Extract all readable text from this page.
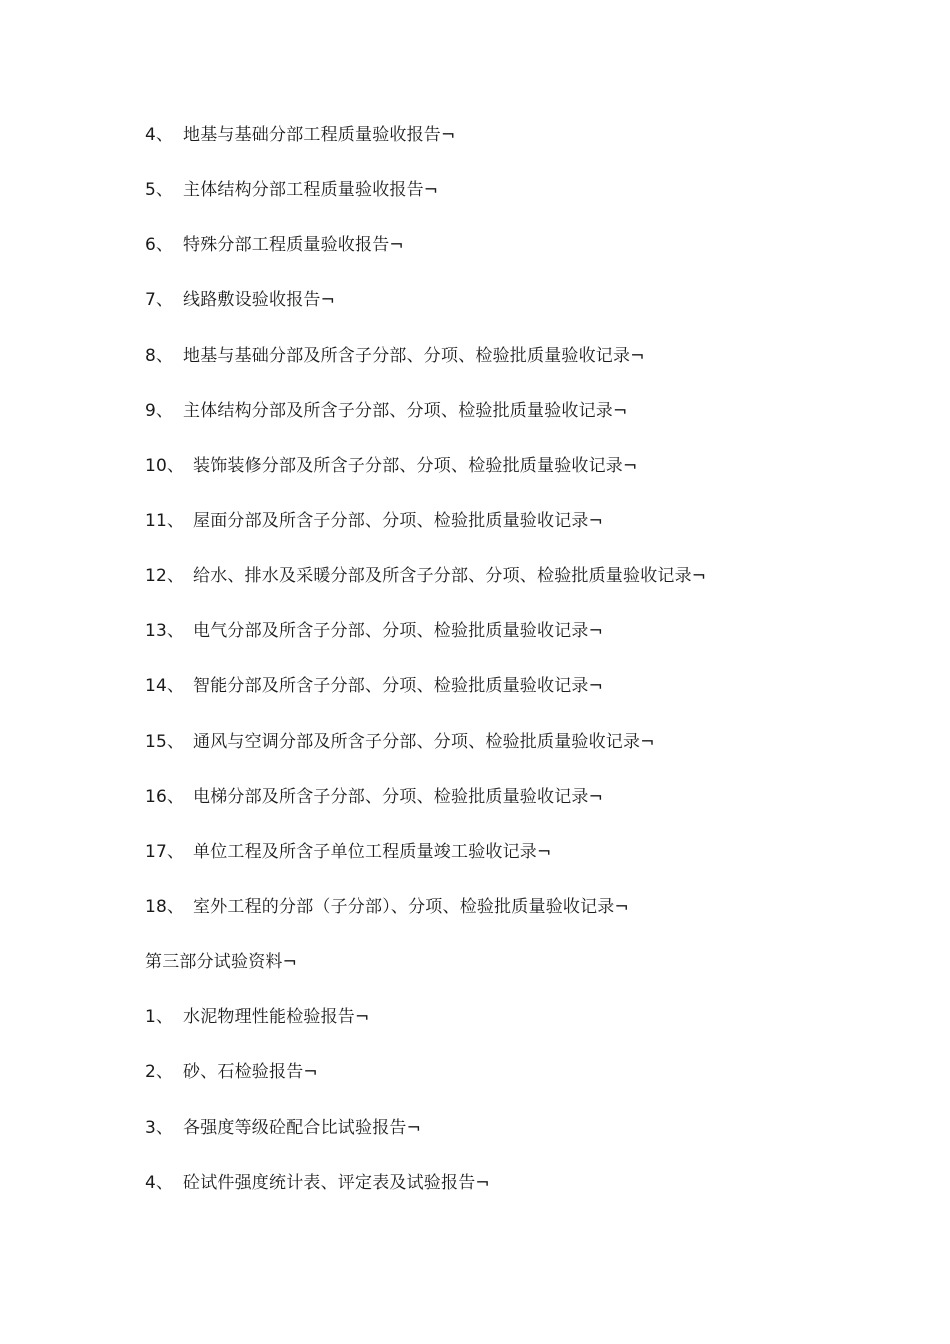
4、 地基与基础分部工程质量验收报告¬
5、 主体结构分部工程质量验收报告¬
6、 特殊分部工程质量验收报告¬
7、 线路敷设验收报告¬
8、 地基与基础分部及所含子分部、分项、检验批质量验收记录¬
9、 主体结构分部及所含子分部、分项、检验批质量验收记录¬
10、 装饰装修分部及所含子分部、分项、检验批质量验收记录¬
11、 屋面分部及所含子分部、分项、检验批质量验收记录¬
12、 给水、排水及采暖分部及所含子分部、分项、检验批质量验收记录¬
13、 电气分部及所含子分部、分项、检验批质量验收记录¬
14、 智能分部及所含子分部、分项、检验批质量验收记录¬
15、 通风与空调分部及所含子分部、分项、检验批质量验收记录¬
16、 电梯分部及所含子分部、分项、检验批质量验收记录¬
17、 单位工程及所含子单位工程质量竣工验收记录¬
18、 室外工程的分部（子分部）、分项、检验批质量验收记录¬
第三部分试验资料¬
1、 水泥物理性能检验报告¬
2、 砂、石检验报告¬
3、 各强度等级砼配合比试验报告¬
4、 砼试件强度统计表、评定表及试验报告¬
